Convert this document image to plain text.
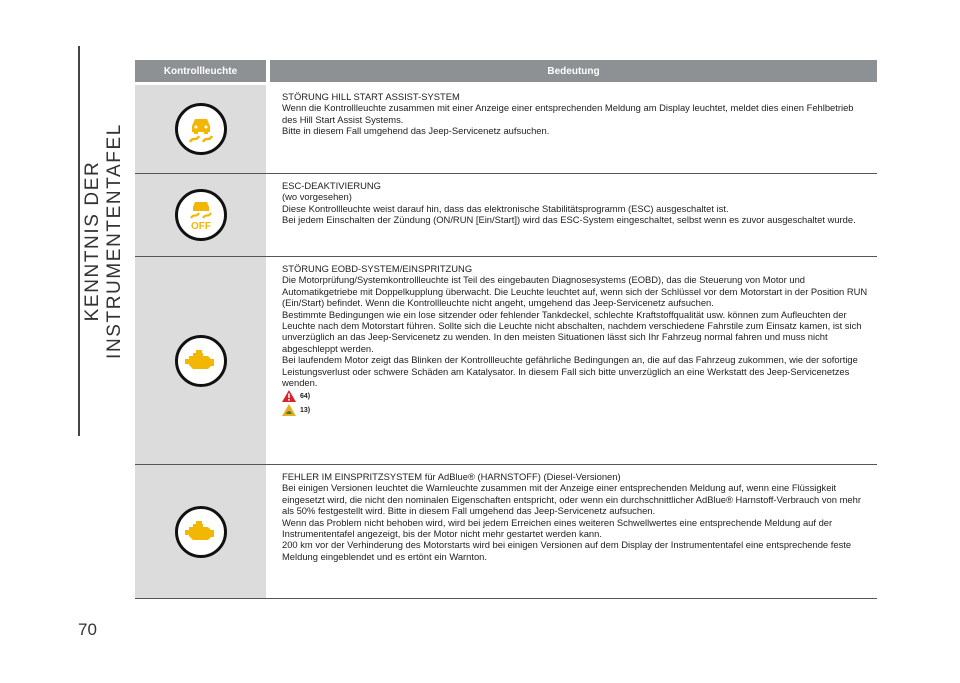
KENNTNIS DER INSTRUMENTENTAFEL
Kontrollleuchte	Bedeutung

STÖRUNG HILL START ASSIST-SYSTEM

Wenn die Kontrollleuchte zusammen mit einer Anzeige einer entsprechenden Meldung am Display leuchtet, meldet dies einen Fehlbetrieb des Hill Start Assist Systems.

Bitte in diesem Fall umgehend das Jeep-Servicenetz aufsuchen.

OFF

ESC-DEAKTIVIERUNG

(wo vorgesehen)

Diese Kontrollleuchte weist darauf hin, dass das elektronische Stabilitätsprogramm (ESC) ausgeschaltet ist.

Bei jedem Einschalten der Zündung (ON/RUN [Ein/Start]) wird das ESC-System eingeschaltet, selbst wenn es zuvor ausgeschaltet wurde.

STÖRUNG EOBD-SYSTEM/EINSPRITZUNG

Die Motorprüfung/Systemkontrollleuchte ist Teil des eingebauten Diagnosesystems (EOBD), das die Steuerung von Motor und Automatikgetriebe mit Doppelkupplung überwacht. Die Leuchte leuchtet auf, wenn sich der Schlüssel vor dem Motorstart in der Position RUN (Ein/Start) befindet. Wenn die Kontrollleuchte nicht angeht, umgehend das Jeep-Servicenetz aufsuchen.

Bestimmte Bedingungen wie ein lose sitzender oder fehlender Tankdeckel, schlechte Kraftstoffqualität usw. können zum Aufleuchten der Leuchte nach dem Motorstart führen. Sollte sich die Leuchte nicht abschalten, nachdem verschiedene Fahrstile zum Einsatz kamen, ist sich unverzüglich an das Jeep-Servicenetz zu wenden. In den meisten Situationen lässt sich Ihr Fahrzeug normal fahren und muss nicht abgeschleppt werden.

Bei laufendem Motor zeigt das Blinken der Kontrollleuchte gefährliche Bedingungen an, die auf das Fahrzeug zukommen, wie der sofortige Leistungsverlust oder schwere Schäden am Katalysator. In diesem Fall sich bitte unverzüglich an eine Werkstatt des Jeep-Servicenetzes wenden.

64)
13)

FEHLER IM EINSPRITZSYSTEM für AdBlue® (HARNSTOFF) (Diesel-Versionen)

Bei einigen Versionen leuchtet die Warnleuchte zusammen mit der Anzeige einer entsprechenden Meldung auf, wenn eine Flüssigkeit eingesetzt wird, die nicht den nominalen Eigenschaften entspricht, oder wenn ein durchschnittlicher AdBlue® Harnstoff-Verbrauch von mehr als 50% festgestellt wird. Bitte in diesem Fall umgehend das Jeep-Servicenetz aufsuchen.

Wenn das Problem nicht behoben wird, wird bei jedem Erreichen eines weiteren Schwellwertes eine entsprechende Meldung auf der Instrumententafel angezeigt, bis der Motor nicht mehr gestartet werden kann.

200 km vor der Verhinderung des Motorstarts wird bei einigen Versionen auf dem Display der Instrumententafel eine entsprechende feste Meldung eingeblendet und es ertönt ein Warnton.

70
